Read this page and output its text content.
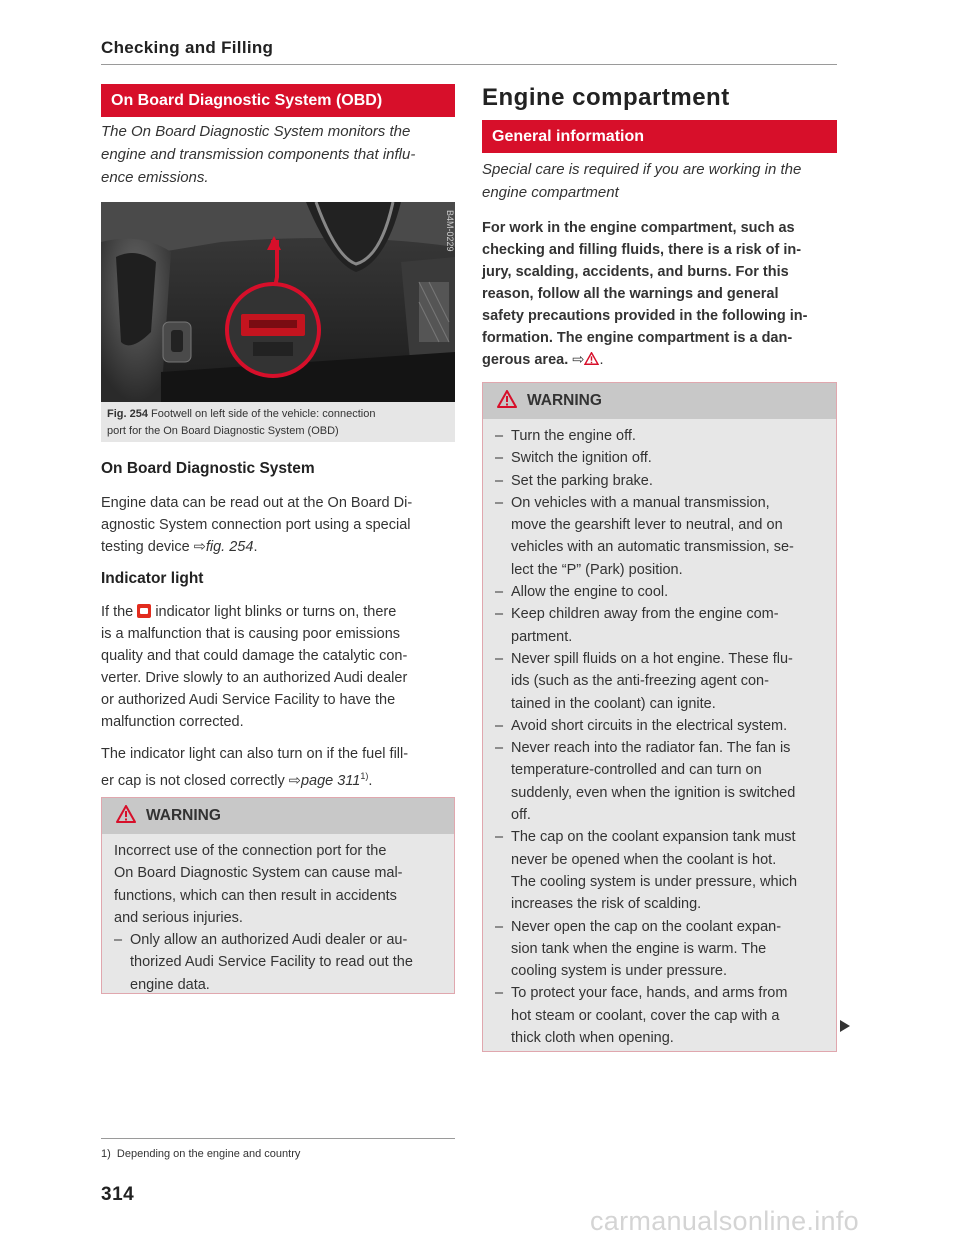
Checking and Filling
On Board Diagnostic System (OBD)
The On Board Diagnostic System monitors the
engine and transmission components that influ-
ence emissions.
B4M-0229
Fig. 254 Footwell on left side of the vehicle: connection
port for the On Board Diagnostic System (OBD)
On Board Diagnostic System
Engine data can be read out at the On Board Di-
agnostic System connection port using a special
testing device ⇨fig. 254.
Indicator light
If the indicator light blinks or turns on, there
is a malfunction that is causing poor emissions
quality and that could damage the catalytic con-
verter. Drive slowly to an authorized Audi dealer
or authorized Audi Service Facility to have the
malfunction corrected.
The indicator light can also turn on if the fuel fill-
er cap is not closed correctly ⇨page 311$^{1)}$.
WARNING
Incorrect use of the connection port for the
On Board Diagnostic System can cause mal-
functions, which can then result in accidents
and serious injuries.
– Only allow an authorized Audi dealer or au-
thorized Audi Service Facility to read out the
engine data.
1) Depending on the engine and country
314
Engine compartment
General information
Special care is required if you are working in the
engine compartment
For work in the engine compartment, such as
checking and filling fluids, there is a risk of in-
jury, scalding, accidents, and burns. For this
reason, follow all the warnings and general
safety precautions provided in the following in-
formation. The engine compartment is a dan-
gerous area. ⇨ .
WARNING
– Turn the engine off.
– Switch the ignition off.
– Set the parking brake.
– On vehicles with a manual transmission,
move the gearshift lever to neutral, and on
vehicles with an automatic transmission, se-
lect the “P” (Park) position.
– Allow the engine to cool.
– Keep children away from the engine com-
partment.
– Never spill fluids on a hot engine. These flu-
ids (such as the anti-freezing agent con-
tained in the coolant) can ignite.
– Avoid short circuits in the electrical system.
– Never reach into the radiator fan. The fan is
temperature-controlled and can turn on
suddenly, even when the ignition is switched
off.
– The cap on the coolant expansion tank must
never be opened when the coolant is hot.
The cooling system is under pressure, which
increases the risk of scalding.
– Never open the cap on the coolant expan-
sion tank when the engine is warm. The
cooling system is under pressure.
– To protect your face, hands, and arms from
hot steam or coolant, cover the cap with a
thick cloth when opening.
carmanualsonline.info
